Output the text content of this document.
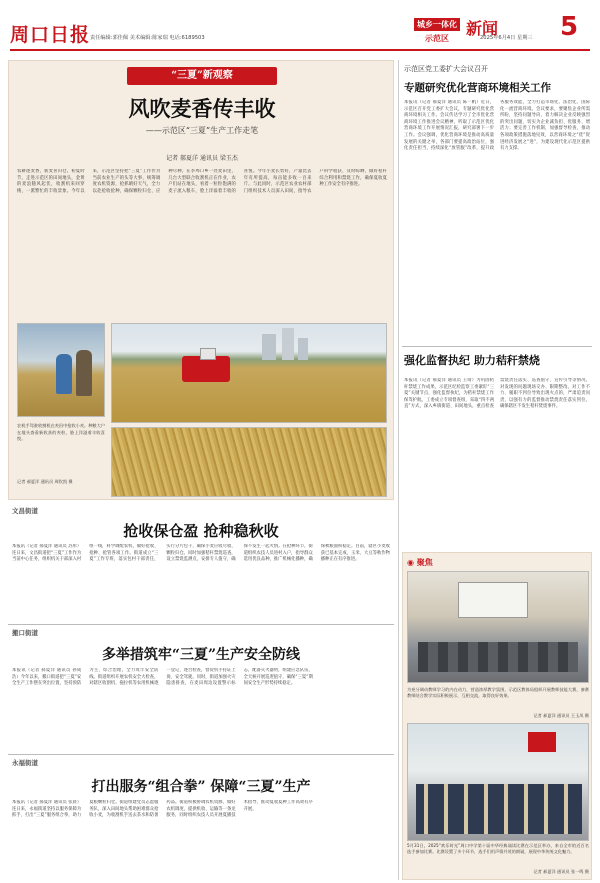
周口日报 责任编辑:郭佳佩 美术编辑:陈家瑞 电话:6189503
城乡一体化
示范区
新闻
2025年6月4日 星期三 5
“三夏”新观察
风吹麦香传丰收
——示范区“三夏”生产工作走笔
记者 郝夏洋 通讯员 梁玉杰
农耕逐麦香，新麦喜归仓。初夏时节，走进示范区的田间地头，金黄的麦浪随风起伏，收割机来回穿梭，一派繁忙的丰收景象。今年以来，示范区坚持把“三夏”工作作为当前农业生产的头等大事，统筹调度农机资源，抢抓晴好天气，全力以赴抢收抢种，确保颗粒归仓、应种尽种。在李埠口乡一处麦田里，几台大型联合收割机正在作业，农户们站在地头，看着一粒粒饱满的麦子流入粮车，脸上洋溢着丰收的喜悦。今年小麦长势好，产量比去年有所提高，每亩能多收一百来斤。与此同时，示范区农业农村部门组织技术人员深入田间，指导农户科学收获、及时晾晒，做好秸秆综合利用和禁烧工作，确保夏收夏种工作安全有序推进。
农机手驾驶收割机在麦田中抢收小麦。种粮大户在地头查看新收获的麦粒，脸上洋溢着丰收喜悦。
记者 郝夏洋 通讯员 周钦凯 摄
文昌街道
抢收保仓盈 抢种稳秋收
本报讯（记者 郝夏洋 通讯员 苏彤）连日来，文昌街道把“三夏”工作作为当前中心任务，组织机关干部深入村组一线，科学调配农机，做好抢收、抢种、抢管各项工作。街道成立“三夏”工作专班，落实包村干部责任，实行分片包干，确保小麦应收尽收、颗粒归仓。同时加强秸秆禁烧巡查，设立禁烧监测点，安排专人值守，确保不发生一起火情。在抢种环节，街道组织农技人员进村入户，指导群众选用优良品种，推广机械化播种，确保秋粮面积稳定。目前，辖区小麦收获已基本完成，玉米、大豆等秋作物播种正在有序推进。
搬口街道
多举措筑牢“三夏”生产安全防线
本报讯（记者 郝夏洋 通讯员 孙成浩）今年以来，搬口街道把“三夏”安全生产工作摆在突出位置，坚持预防为主、综合治理，全力筑牢安全防线。街道组织开展农机安全大检查，对辖区收割机、拖拉机等农用机械逐一登记、逐台检查，督促机手持证上岗、安全驾驶。同时，街道加强火灾隐患排查，在麦田周边设置警示标志，配备灭火器材，组建应急队伍，全天候开展巡逻值守，确保“三夏”期间安全生产形势持续稳定。
永福街道
打出服务“组合拳” 保障“三夏”生产
本报讯（记者 郝夏洋 通讯员 张晨）连日来，永福街道坚持以服务保障为抓手，打出“三夏”服务组合拳，助力夏粮颗粒归仓。街道组建党员志愿服务队，深入田间地头帮助困难群众抢收小麦，为收割机手送去茶水和防暑药品。街道积极协调农机资源，做好农机调度，提供机收、运输等一条龙服务，同时组织农技人员开展夏播技术指导，推动夏收夏种工作高效有序开展。
示范区党工委扩大会议召开
专题研究优化营商环境相关工作
本报讯（记者 郝夏洋 通讯员 陈一帆）近日，示范区召开党工委扩大会议，专题研究优化营商环境相关工作。会议传达学习了全市优化营商环境工作推进会议精神，听取了示范区优化营商环境工作开展情况汇报，研究部署下一步工作。会议强调，优化营商环境是推动高质量发展的关键之举，各部门要提高政治站位，强化责任担当，持续深化“放管服”改革，提升政务服务效能，全力打造市场化、法治化、国际化一流营商环境。会议要求，要聚焦企业所需所盼，坚持问题导向，着力解决企业反映强烈的突出问题，切实为企业减负担、优服务、增活力；要完善工作机制，加强督导检查，推动各项政策措施落地见效，以营商环境之“优”促进经济发展之“进”，为建设现代化示范区提供有力支撑。
强化监督执纪 助力秸秆禁烧
本报讯（记者 郝夏洋 通讯员 王靖）为巩固秸秆禁烧工作成果，示范区纪检监察工委紧盯“三夏”关键节点，强化监督执纪，为秸秆禁烧工作保驾护航。工委成立专项督查组，采取“四不两直”方式，深入乡镇街道、田间地头，重点检查禁烧责任落实、巡查值守、宣传引导等情况，对发现的问题现场交办、限期整改。对工作不力、履职不到位导致出现火点的，严肃追责问责，以强有力的监督推动禁烧责任落实到位，确保辖区不发生秸秆焚烧事件。
◉ 聚焦
为充分调动教师学习的内在动力，营造浓厚教学氛围，示范区教体局组织开展教师技能大赛，参赛教师结合教学实际积极展示，互相交流，取得良好效果。
记者 郝夏洋 通讯员 王玉凤 摄
5月31日，2025“欢乐时光”周口中学第十届中华经典诵读比赛在示范区举办，来自全市的近百名选手参加比赛。比赛设置了多个环节，选手们用声情并茂的朗诵，展现中华传统文化魅力。
记者 郝夏洋 通讯员 张一鸣 摄
